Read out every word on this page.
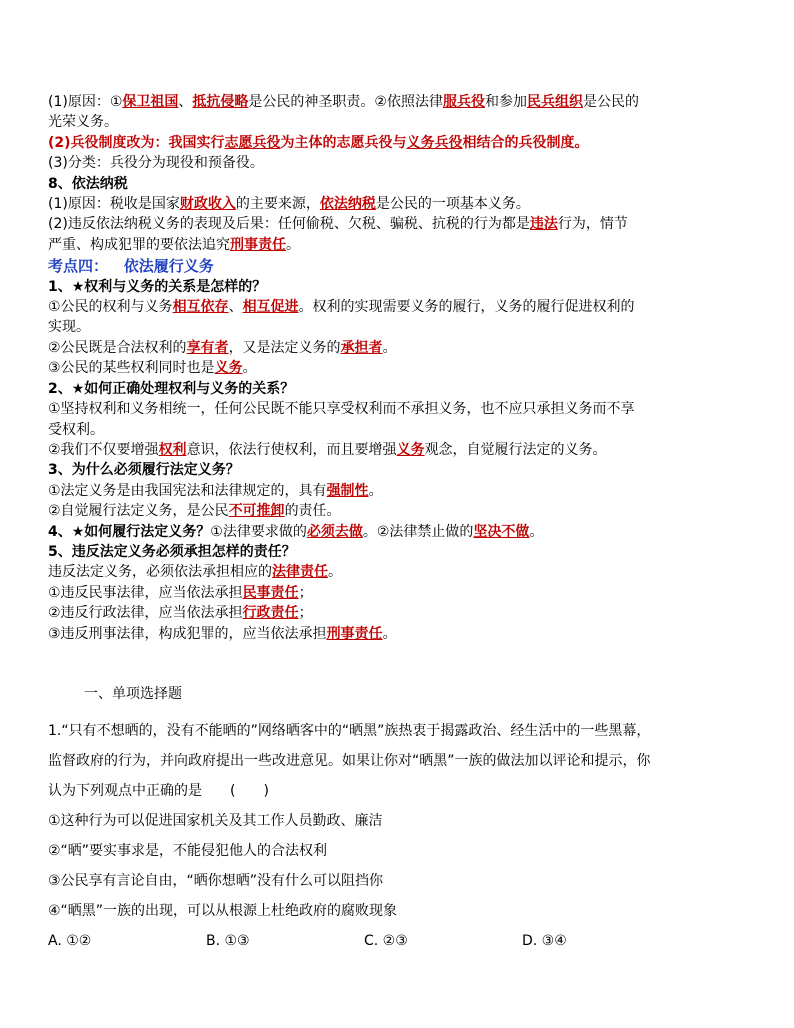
(1)原因：①保卫祖国、抵抗侵略是公民的神圣职责。②依照法律服兵役和参加民兵组织是公民的
光荣义务。
(2)兵役制度改为：我国实行志愿兵役为主体的志愿兵役与义务兵役相结合的兵役制度。
(3)分类：兵役分为现役和预备役。
8、依法纳税
(1)原因：税收是国家财政收入的主要来源，依法纳税是公民的一项基本义务。
(2)违反依法纳税义务的表现及后果：任何偷税、欠税、骗税、抗税的行为都是违法行为，情节
严重、构成犯罪的要依法追究刑事责任。
考点四： 依法履行义务
1、★权利与义务的关系是怎样的？
①公民的权利与义务相互依存、相互促进。权利的实现需要义务的履行，义务的履行促进权利的
实现。
②公民既是合法权利的享有者，又是法定义务的承担者。
③公民的某些权利同时也是义务。
2、★如何正确处理权利与义务的关系？
①坚持权利和义务相统一，任何公民既不能只享受权利而不承担义务，也不应只承担义务而不享
受权利。
②我们不仅要增强权利意识，依法行使权利，而且要增强义务观念，自觉履行法定的义务。
3、为什么必须履行法定义务？
①法定义务是由我国宪法和法律规定的，具有强制性。
②自觉履行法定义务，是公民不可推卸的责任。
4、★如何履行法定义务？①法律要求做的必须去做。②法律禁止做的坚决不做。
5、违反法定义务必须承担怎样的责任？
违反法定义务，必须依法承担相应的法律责任。
①违反民事法律，应当依法承担民事责任；
②违反行政法律，应当依法承担行政责任；
③违反刑事法律，构成犯罪的，应当依法承担刑事责任。
一、单项选择题
1.“只有不想晒的，没有不能晒的”网络晒客中的“晒黑”族热衷于揭露政治、经生活中的一些黑幕，
监督政府的行为，并向政府提出一些改进意见。如果让你对“晒黑”一族的做法加以评论和提示，你
认为下列观点中正确的是　　(　　)
①这种行为可以促进国家机关及其工作人员勤政、廉洁
②“晒”要实事求是，不能侵犯他人的合法权利
③公民享有言论自由，“晒你想晒”没有什么可以阻挡你
④“晒黑”一族的出现，可以从根源上杜绝政府的腐败现象
A. ①②	B. ①③	C. ②③	D. ③④
